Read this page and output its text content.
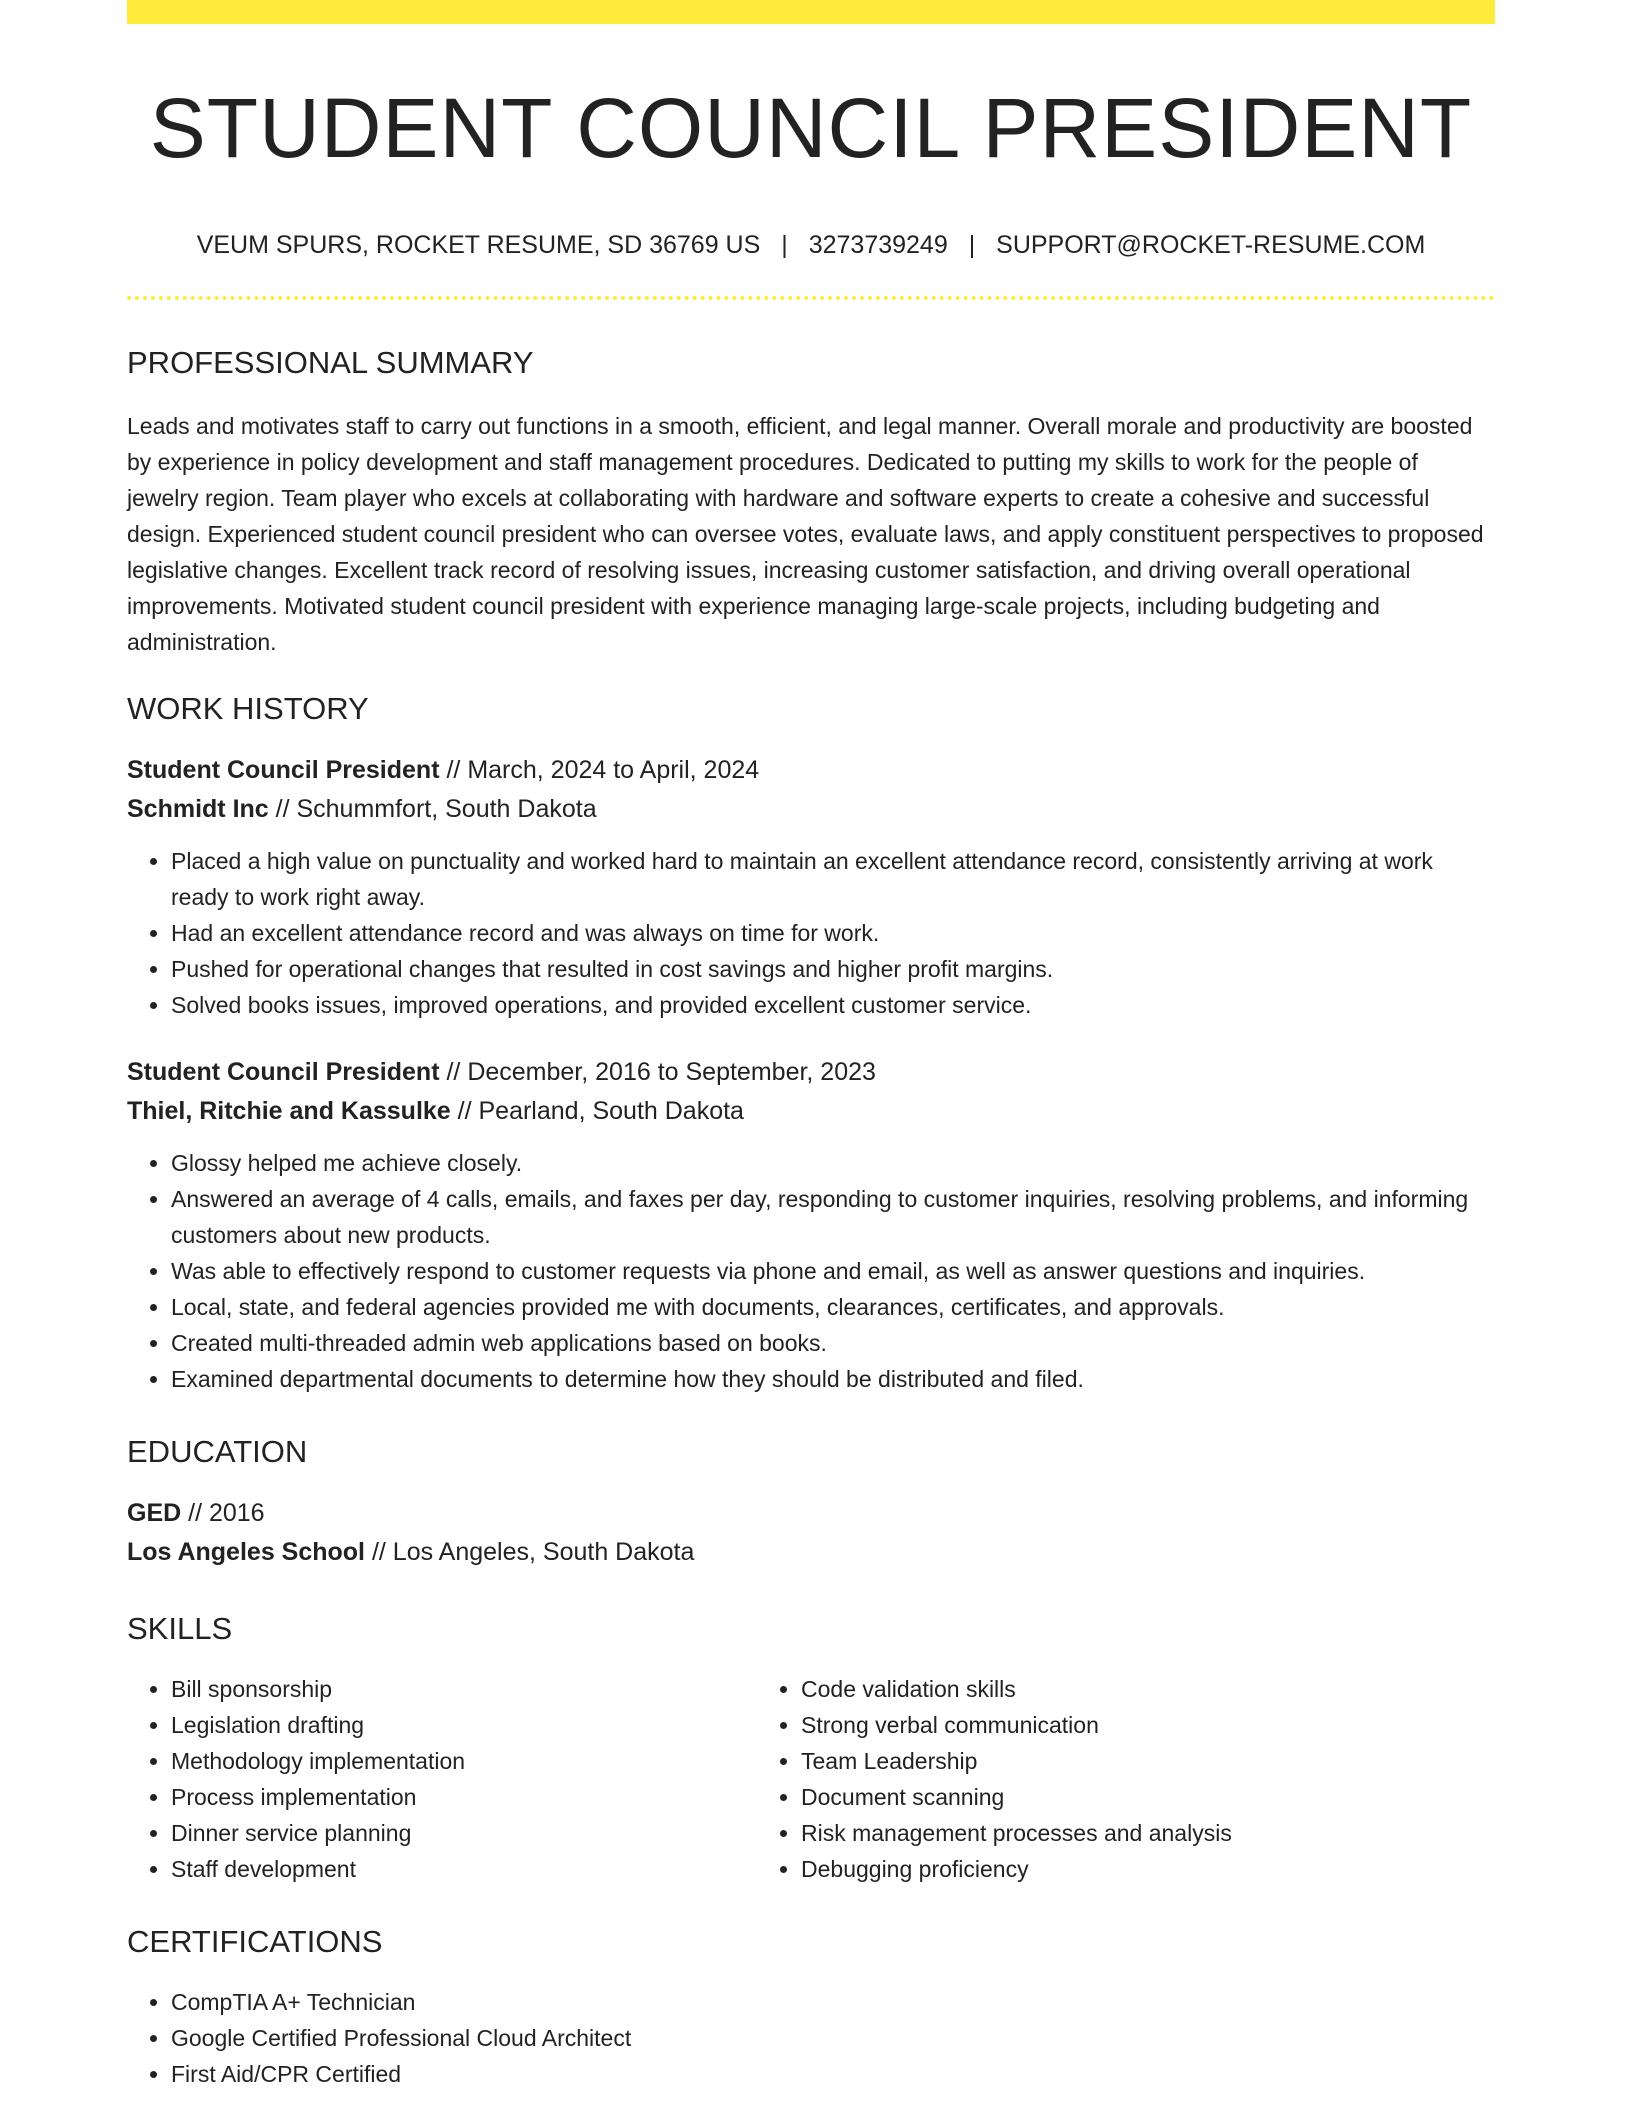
STUDENT COUNCIL PRESIDENT
VEUM SPURS, ROCKET RESUME, SD 36769 US | 3273739249 | SUPPORT@ROCKET-RESUME.COM
PROFESSIONAL SUMMARY

Leads and motivates staff to carry out functions in a smooth, efficient, and legal manner. Overall morale and productivity are boosted by experience in policy development and staff management procedures. Dedicated to putting my skills to work for the people of jewelry region. Team player who excels at collaborating with hardware and software experts to create a cohesive and successful design. Experienced student council president who can oversee votes, evaluate laws, and apply constituent perspectives to proposed legislative changes. Excellent track record of resolving issues, increasing customer satisfaction, and driving overall operational improvements. Motivated student council president with experience managing large-scale projects, including budgeting and administration.

WORK HISTORY

Student Council President // March, 2024 to April, 2024

Schmidt Inc // Schummfort, South Dakota

• Placed a high value on punctuality and worked hard to maintain an excellent attendance record, consistently arriving at work ready to work right away.
• Had an excellent attendance record and was always on time for work.
• Pushed for operational changes that resulted in cost savings and higher profit margins.
• Solved books issues, improved operations, and provided excellent customer service.

Student Council President // December, 2016 to September, 2023

Thiel, Ritchie and Kassulke // Pearland, South Dakota

• Glossy helped me achieve closely.
• Answered an average of 4 calls, emails, and faxes per day, responding to customer inquiries, resolving problems, and informing customers about new products.
• Was able to effectively respond to customer requests via phone and email, as well as answer questions and inquiries.
• Local, state, and federal agencies provided me with documents, clearances, certificates, and approvals.
• Created multi-threaded admin web applications based on books.
• Examined departmental documents to determine how they should be distributed and filed.
EDUCATION

GED // 2016

Los Angeles School // Los Angeles, South Dakota

SKILLS
• Bill sponsorship
• Legislation drafting
• Methodology implementation
• Process implementation
• Dinner service planning
• Staff development
• Code validation skills
• Strong verbal communication
• Team Leadership
• Document scanning
• Risk management processes and analysis
• Debugging proficiency
CERTIFICATIONS
• CompTIA A+ Technician
• Google Certified Professional Cloud Architect
• First Aid/CPR Certified
